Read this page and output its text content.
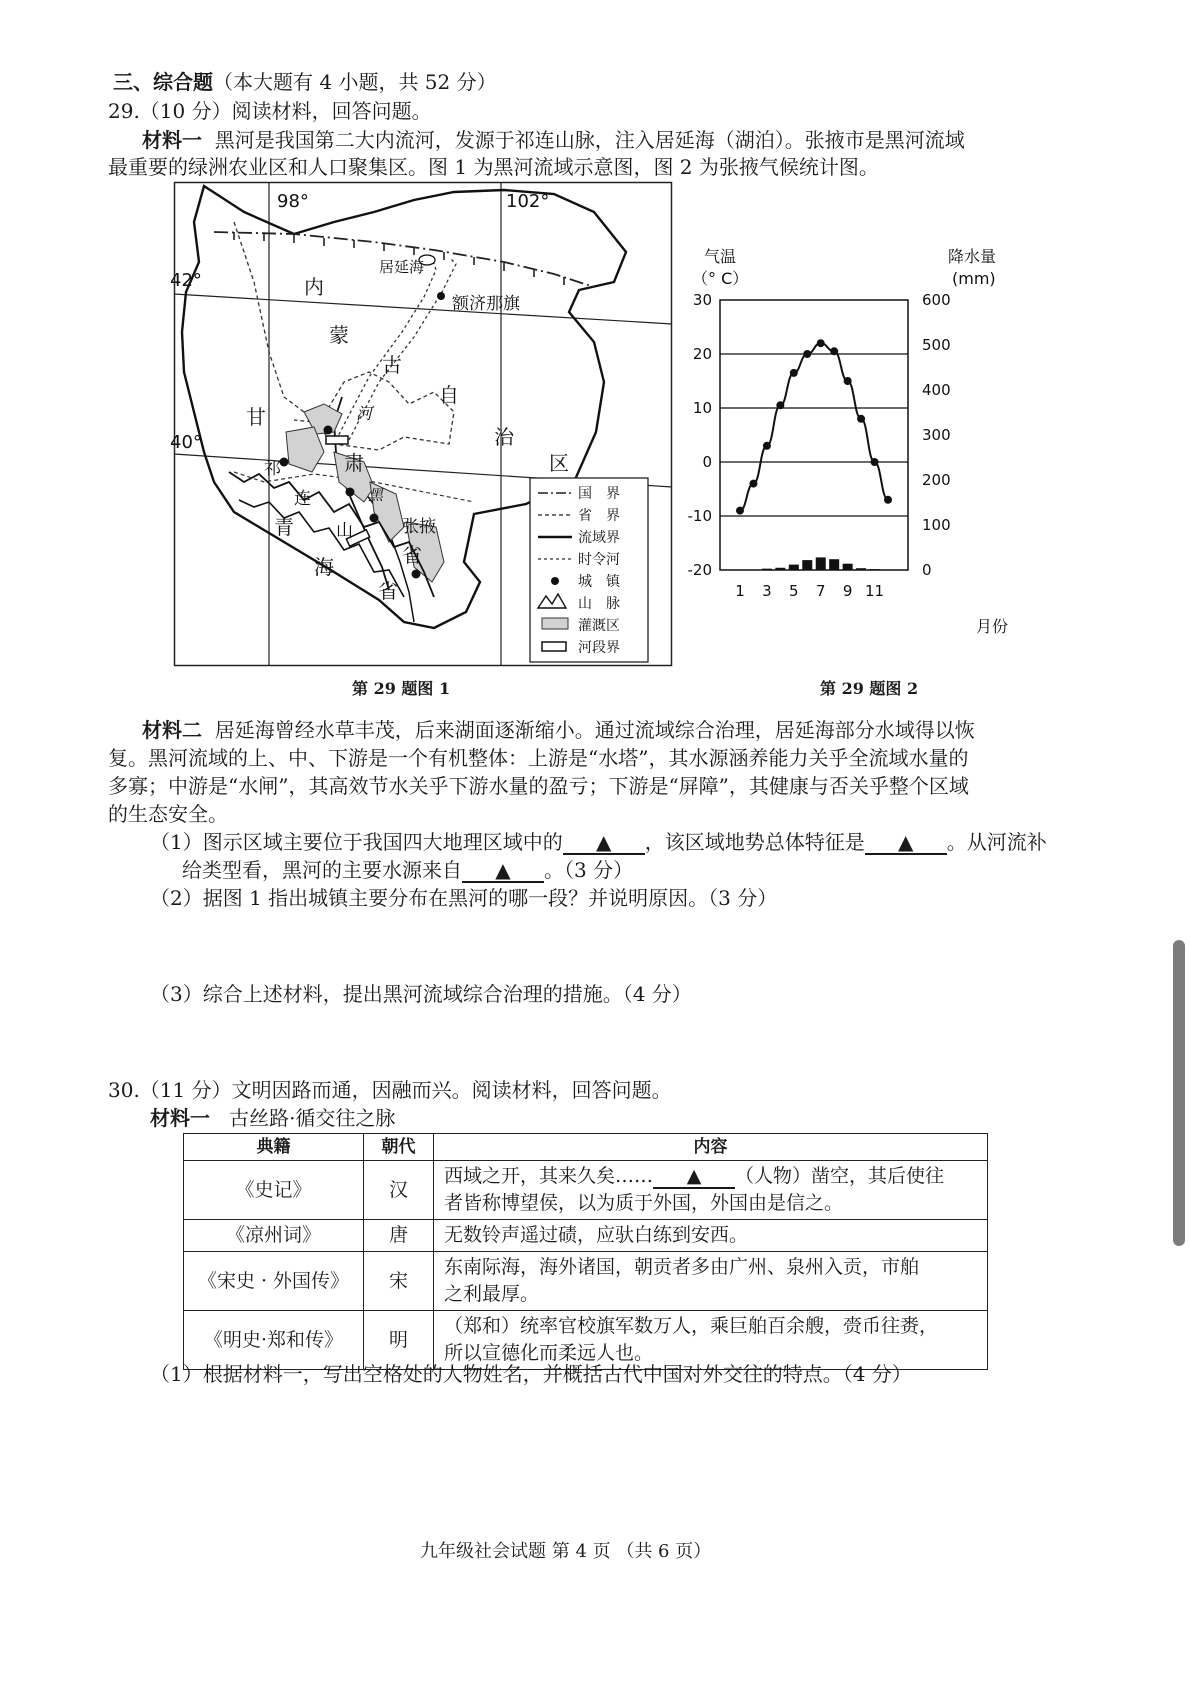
三、综合题（本大题有 4 小题，共 52 分）
29.（10 分）阅读材料，回答问题。
材料一 黑河是我国第二大内流河，发源于祁连山脉，注入居延海（湖泊）。张掖市是黑河流域
最重要的绿洲农业区和人口聚集区。图 1 为黑河流域示意图，图 2 为张掖气候统计图。
98°	102°
42°
40°
居延海
额济那旗
张掖
河
黑
内
蒙
古
自
治
区
甘
肃
省
青
海
省
祁
连
山
国　界
省　界
流域界
时令河
城　镇
山　脉
灌溉区
河段界
气温
（° C）
降水量
(mm)
月份
30
20
10
0
-10
-20
600
500
400
300
200
100
0
1 3 5 7 9 11
第 29 题图 1	第 29 题图 2
材料二 居延海曾经水草丰茂，后来湖面逐渐缩小。通过流域综合治理，居延海部分水域得以恢
复。黑河流域的上、中、下游是一个有机整体：上游是“水塔”，其水源涵养能力关乎全流域水量的
多寡；中游是“水闸”，其高效节水关乎下游水量的盈亏；下游是“屏障”，其健康与否关乎整个区域
的生态安全。
（1）图示区域主要位于我国四大地理区域中的 ▲ ，该区域地势总体特征是 ▲ 。从河流补
给类型看，黑河的主要水源来自 ▲ 。（3 分）
（2）据图 1 指出城镇主要分布在黑河的哪一段？并说明原因。（3 分）
（3）综合上述材料，提出黑河流域综合治理的措施。（4 分）
30.（11 分）文明因路而通，因融而兴。阅读材料，回答问题。
材料一 古丝路·循交往之脉
典籍	朝代	内容
《史记》	汉	西域之开，其来久矣…… ▲ （人物）凿空，其后使往
者皆称博望侯，以为质于外国，外国由是信之。
《凉州词》	唐	无数铃声遥过碛，应驮白练到安西。
《宋史 · 外国传》	宋	东南际海，海外诸国，朝贡者多由广州、泉州入贡，市舶
之利最厚。
《明史·郑和传》	明	（郑和）统率官校旗军数万人，乘巨舶百余艘，赍币往赉，
所以宣德化而柔远人也。
（1）根据材料一，写出空格处的人物姓名，并概括古代中国对外交往的特点。（4 分）
九年级社会试题 第 4 页 （共 6 页）
